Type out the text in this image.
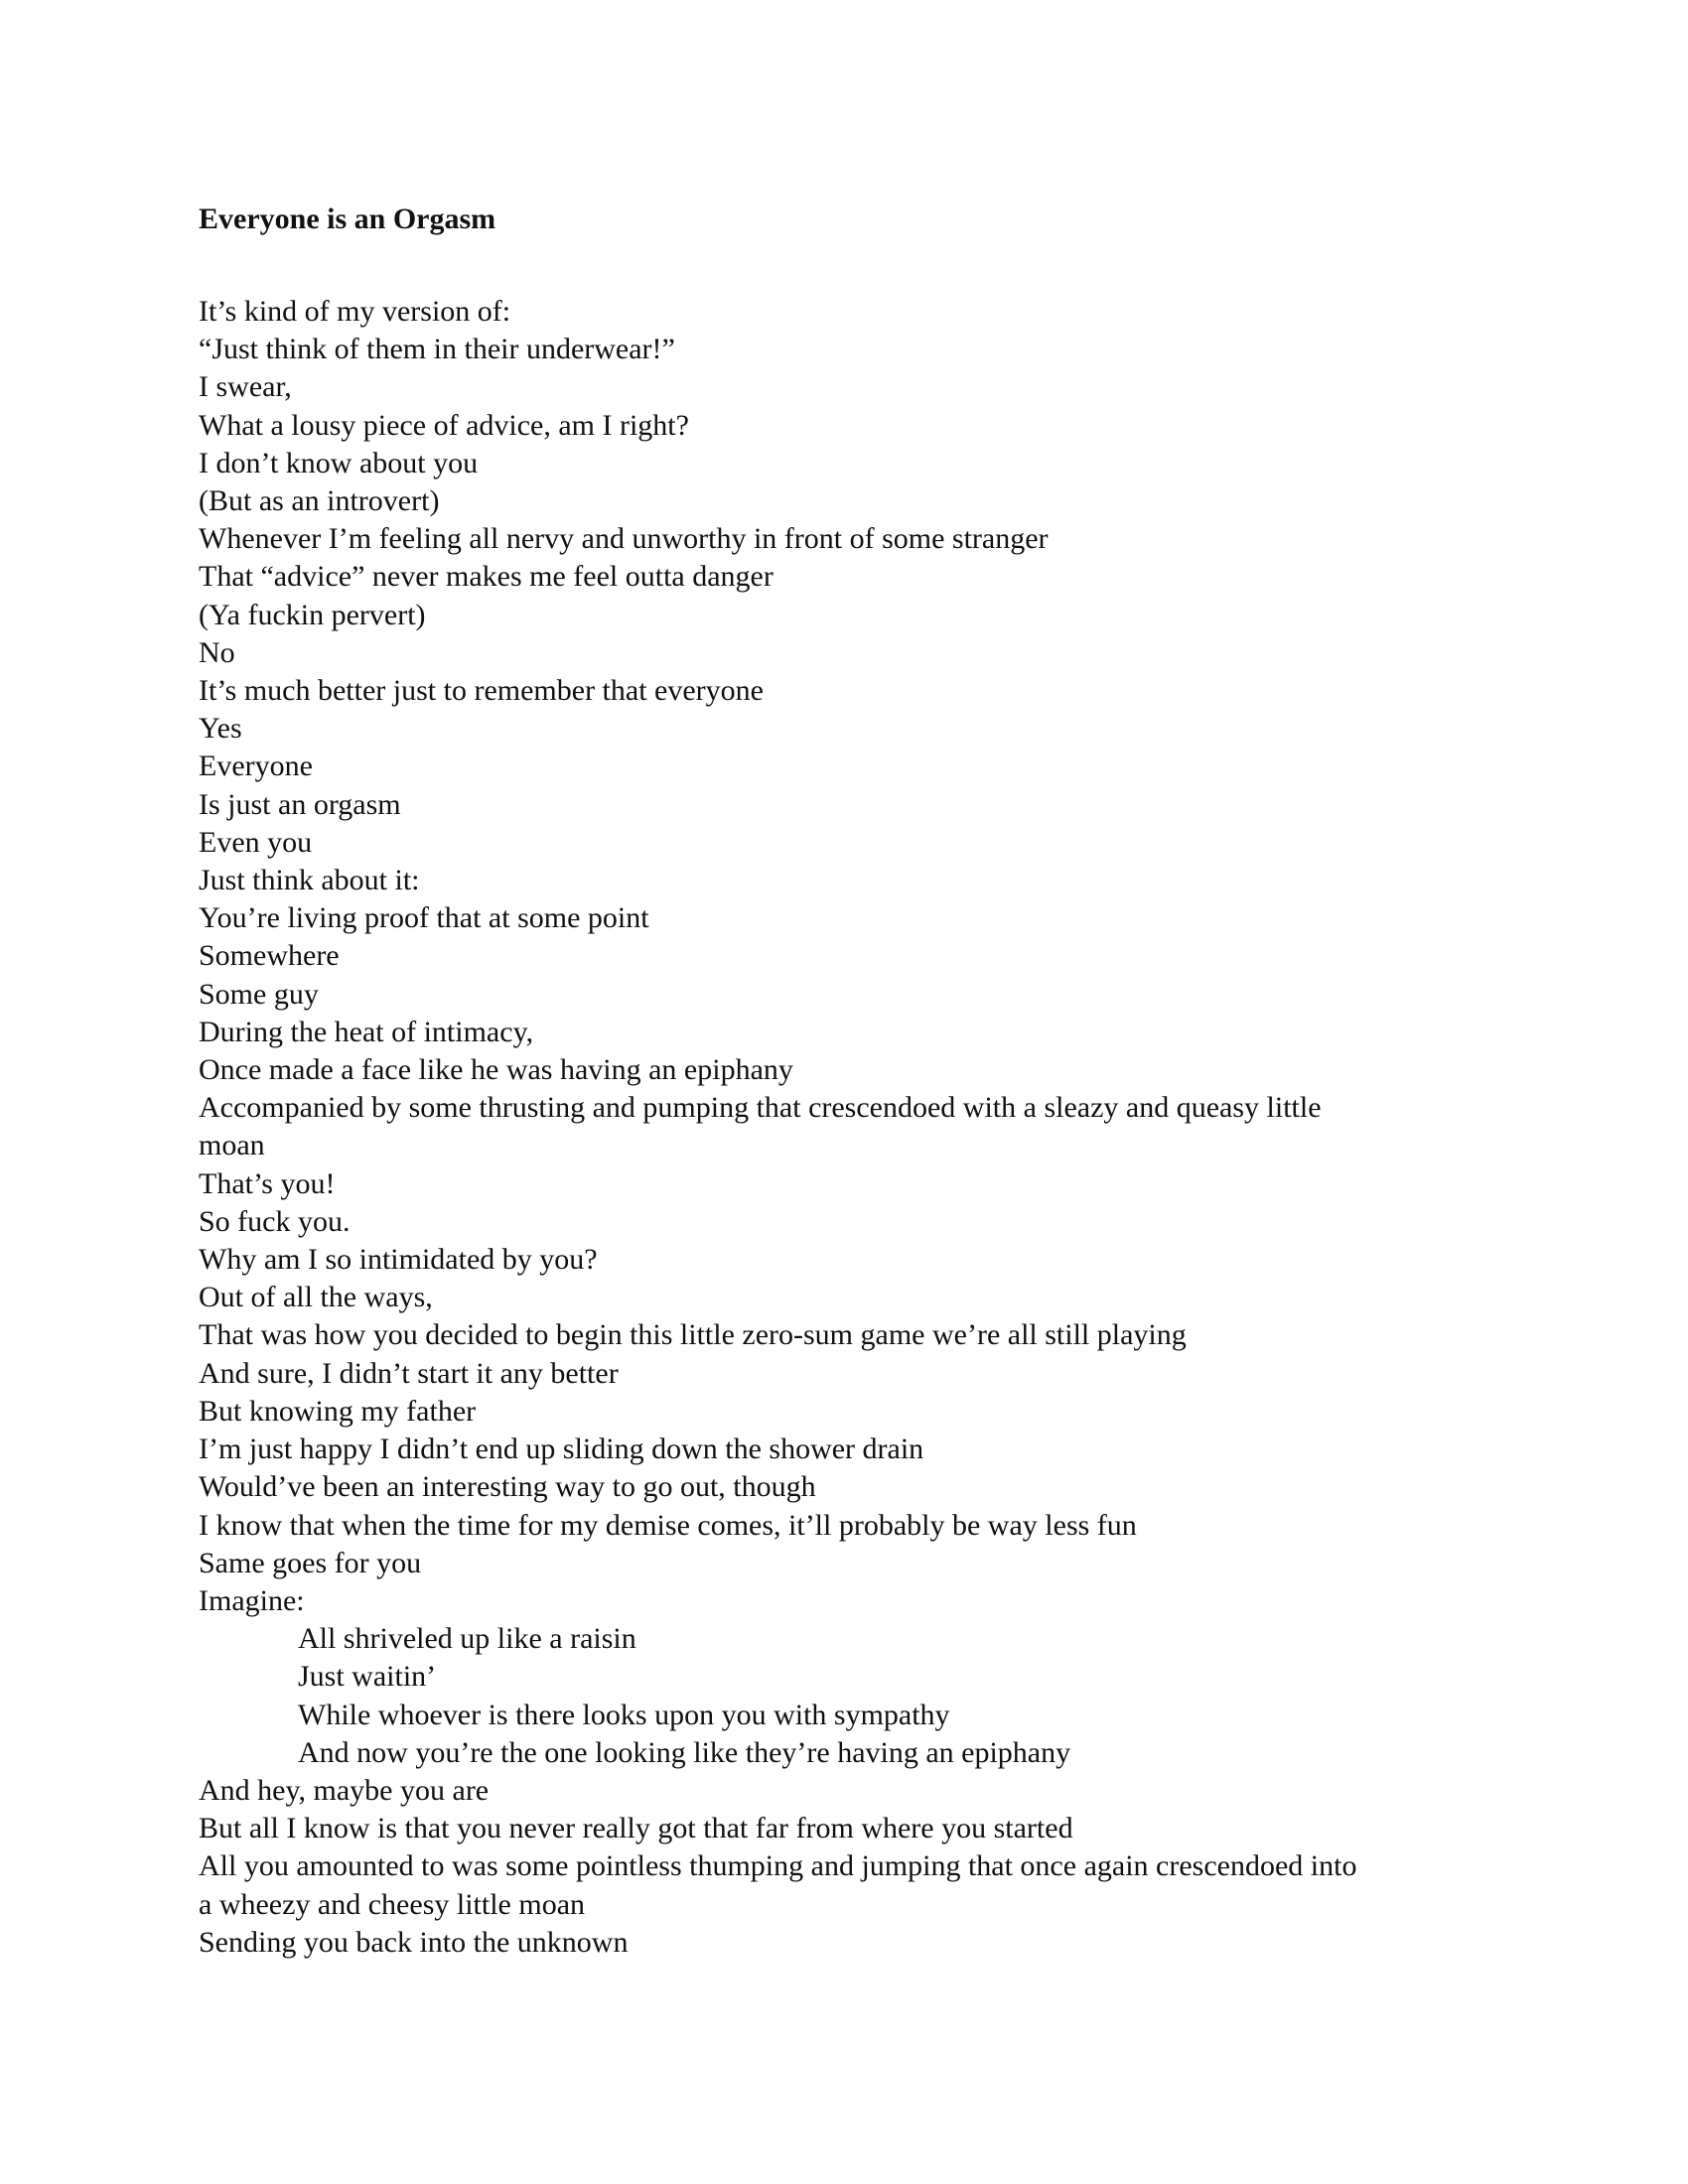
Everyone is an Orgasm
It’s kind of my version of:
“Just think of them in their underwear!”
I swear,
What a lousy piece of advice, am I right?
I don’t know about you
(But as an introvert)
Whenever I’m feeling all nervy and unworthy in front of some stranger
That “advice” never makes me feel outta danger
(Ya fuckin pervert)
No
It’s much better just to remember that everyone
Yes
Everyone
Is just an orgasm
Even you
Just think about it:
You’re living proof that at some point
Somewhere
Some guy
During the heat of intimacy,
Once made a face like he was having an epiphany
Accompanied by some thrusting and pumping that crescendoed with a sleazy and queasy little
moan
That’s you!
So fuck you.
Why am I so intimidated by you?
Out of all the ways,
That was how you decided to begin this little zero-sum game we’re all still playing
And sure, I didn’t start it any better
But knowing my father
I’m just happy I didn’t end up sliding down the shower drain
Would’ve been an interesting way to go out, though
I know that when the time for my demise comes, it’ll probably be way less fun
Same goes for you
Imagine:
All shriveled up like a raisin
Just waitin’
While whoever is there looks upon you with sympathy
And now you’re the one looking like they’re having an epiphany
And hey, maybe you are
But all I know is that you never really got that far from where you started
All you amounted to was some pointless thumping and jumping that once again crescendoed into
a wheezy and cheesy little moan
Sending you back into the unknown
